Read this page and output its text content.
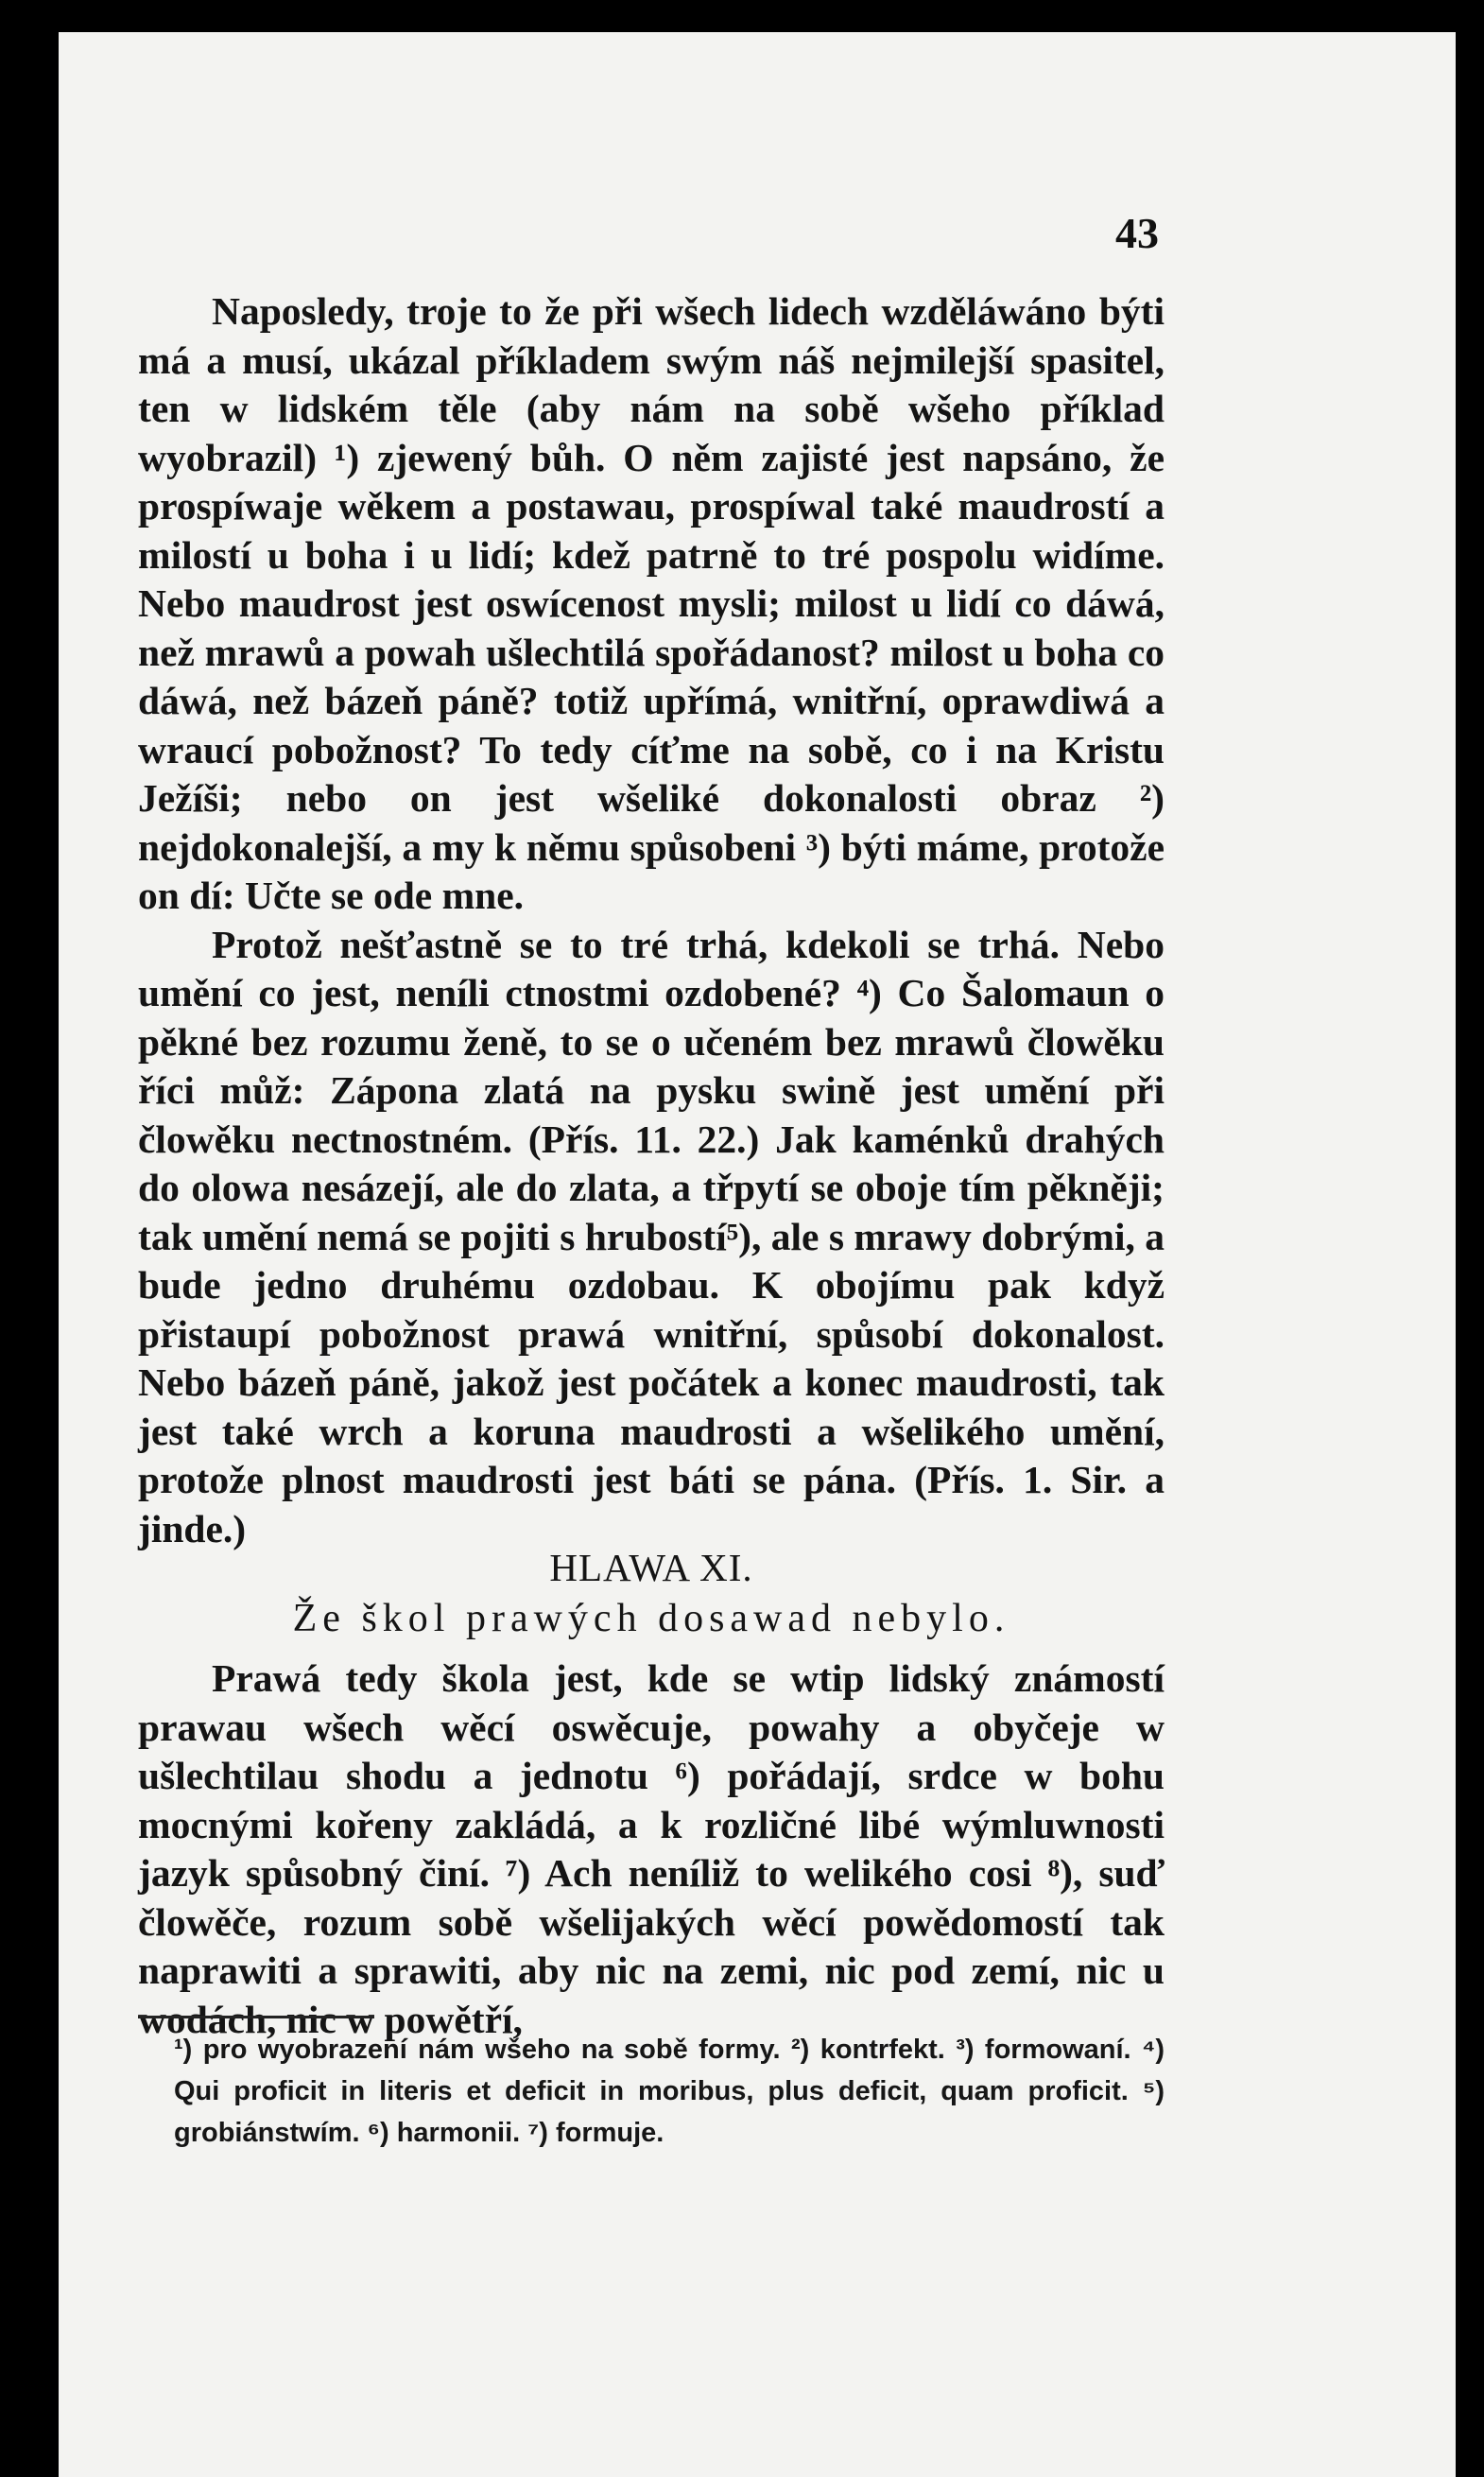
43

Naposledy, troje to že při wšech lidech wzděláwáno býti má a musí, ukázal příkladem swým náš nejmilejší spasitel, ten w lidském těle (aby nám na sobě wšeho příklad wyobrazil) ¹) zjewený bůh. O něm zajisté jest napsáno, že prospíwaje wěkem a postawau, prospíwal také maudrostí a milostí u boha i u lidí; kdež patrně to tré pospolu widíme. Nebo maudrost jest oswícenost mysli; milost u lidí co dáwá, než mrawů a powah ušlechtilá spořádanost? milost u boha co dáwá, než bázeň páně? totiž upřímá, wnitřní, oprawdiwá a wraucí pobožnost? To tedy cíťme na sobě, co i na Kristu Ježíši; nebo on jest wšeliké dokonalosti obraz ²) nejdokonalejší, a my k němu spůsobeni ³) býti máme, protože on dí: Učte se ode mne.

Protož nešťastně se to tré trhá, kdekoli se trhá. Nebo umění co jest, neníli ctnostmi ozdobené? ⁴) Co Šalomaun o pěkné bez rozumu ženě, to se o učeném bez mrawů člowěku říci můž: Zápona zlatá na pysku swině jest umění při člowěku nectnostném. (Přís. 11. 22.) Jak kaménků drahých do olowa nesázejí, ale do zlata, a třpytí se oboje tím pěkněji; tak umění nemá se pojiti s hrubostí⁵), ale s mrawy dobrými, a bude jedno druhému ozdobau. K obojímu pak když přistaupí pobožnost prawá wnitřní, spůsobí dokonalost. Nebo bázeň páně, jakož jest počátek a konec maudrosti, tak jest také wrch a koruna maudrosti a wšelikého umění, protože plnost maudrosti jest báti se pána. (Přís. 1. Sir. a jinde.)

HLAWA XI.
Že škol prawých dosawad nebylo.

Prawá tedy škola jest, kde se wtip lidský známostí prawau wšech wěcí oswěcuje, powahy a obyčeje w ušlechtilau shodu a jednotu ⁶) pořádají, srdce w bohu mocnými kořeny zakládá, a k rozličné libé wýmluwnosti jazyk spůsobný činí. ⁷) Ach neníliž to welikého cosi ⁸), suď člowěče, rozum sobě wšelijakých wěcí powědomostí tak naprawiti a sprawiti, aby nic na zemi, nic pod zemí, nic u wodách, nic w powětří,

¹) pro wyobrazení nám wšeho na sobě formy. ²) kontrfekt. ³) formowaní. ⁴) Qui proficit in literis et deficit in moribus, plus deficit, quam proficit. ⁵) grobiánstwím. ⁶) harmonii. ⁷) formuje.
